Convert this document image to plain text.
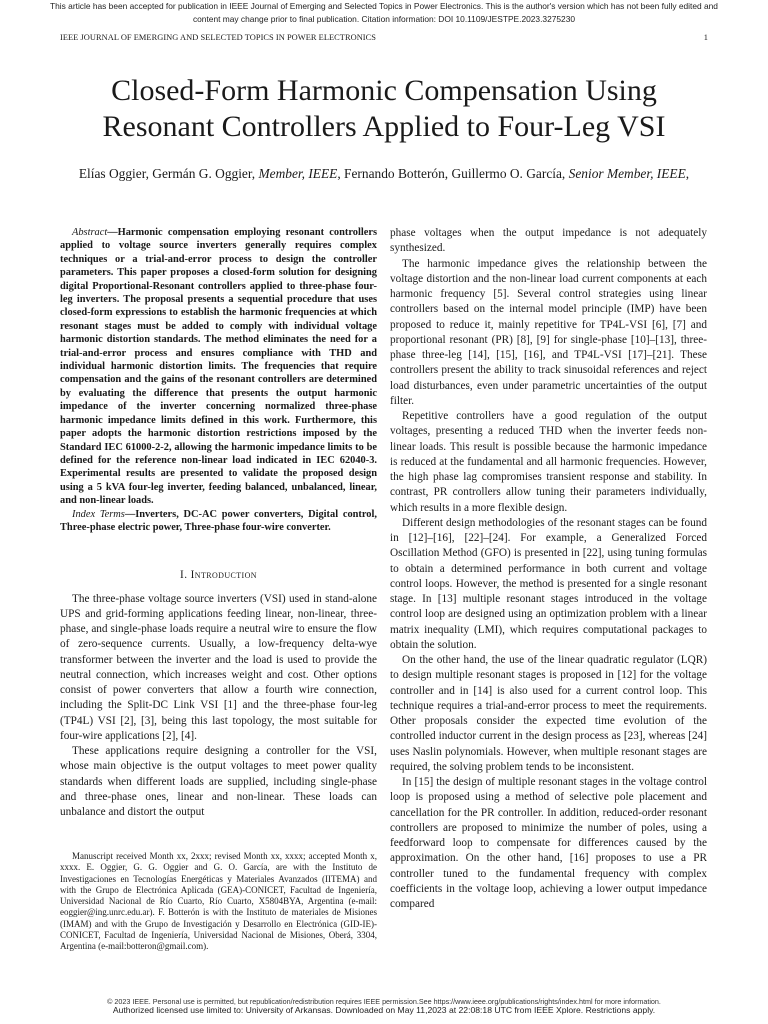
This article has been accepted for publication in IEEE Journal of Emerging and Selected Topics in Power Electronics. This is the author's version which has not been fully edited and
content may change prior to final publication. Citation information: DOI 10.1109/JESTPE.2023.3275230
IEEE JOURNAL OF EMERGING AND SELECTED TOPICS IN POWER ELECTRONICS	1
Closed-Form Harmonic Compensation Using
Resonant Controllers Applied to Four-Leg VSI
Elías Oggier, Germán G. Oggier, Member, IEEE, Fernando Botterón, Guillermo O. García, Senior Member, IEEE,

Abstract—Harmonic compensation employing resonant controllers applied to voltage source inverters generally requires complex techniques or a trial-and-error process to design the controller parameters. This paper proposes a closed-form solution for designing digital Proportional-Resonant controllers applied to three-phase four-leg inverters. The proposal presents a sequential procedure that uses closed-form expressions to establish the harmonic frequencies at which resonant stages must be added to comply with individual voltage harmonic distortion standards. The method eliminates the need for a trial-and-error process and ensures compliance with THD and individual harmonic distortion limits. The frequencies that require compensation and the gains of the resonant controllers are determined by evaluating the difference that presents the output harmonic impedance of the inverter concerning normalized three-phase harmonic impedance limits defined in this work. Furthermore, this paper adopts the harmonic distortion restrictions imposed by the Standard IEC 61000-2-2, allowing the harmonic impedance limits to be defined for the reference non-linear load indicated in IEC 62040-3. Experimental results are presented to validate the proposed design using a 5 kVA four-leg inverter, feeding balanced, unbalanced, linear, and non-linear loads.

Index Terms—Inverters, DC-AC power converters, Digital control, Three-phase electric power, Three-phase four-wire converter.

I. Introduction

The three-phase voltage source inverters (VSI) used in stand-alone UPS and grid-forming applications feeding linear, non-linear, three-phase, and single-phase loads require a neutral wire to ensure the flow of zero-sequence currents. Usually, a low-frequency delta-wye transformer between the inverter and the load is used to provide the neutral connection, which increases weight and cost. Other options consist of power converters that allow a fourth wire connection, including the Split-DC Link VSI [1] and the three-phase four-leg (TP4L) VSI [2], [3], being this last topology, the most suitable for four-wire applications [2], [4].

These applications require designing a controller for the VSI, whose main objective is the output voltages to meet power quality standards when different loads are supplied, including single-phase and three-phase ones, linear and non-linear. These loads can unbalance and distort the output

Manuscript received Month xx, 2xxx; revised Month xx, xxxx; accepted Month x, xxxx. E. Oggier, G. G. Oggier and G. O. García, are with the Instituto de Investigaciones en Tecnologías Energéticas y Materiales Avanzados (IITEMA) and with the Grupo de Electrónica Aplicada (GEA)-CONICET, Facultad de Ingeniería, Universidad Nacional de Río Cuarto, Río Cuarto, X5804BYA, Argentina (e-mail: eoggier@ing.unrc.edu.ar). F. Botterón is with the Instituto de materiales de Misiones (IMAM) and with the Grupo de Investigación y Desarrollo en Electrónica (GID-IE)-CONICET, Facultad de Ingeniería, Universidad Nacional de Misiones, Oberá, 3304, Argentina (e-mail:botteron@gmail.com).

phase voltages when the output impedance is not adequately synthesized.

The harmonic impedance gives the relationship between the voltage distortion and the non-linear load current components at each harmonic frequency [5]. Several control strategies using linear controllers based on the internal model principle (IMP) have been proposed to reduce it, mainly repetitive for TP4L-VSI [6], [7] and proportional resonant (PR) [8], [9] for single-phase [10]–[13], three-phase three-leg [14], [15], [16], and TP4L-VSI [17]–[21]. These controllers present the ability to track sinusoidal references and reject load disturbances, even under parametric uncertainties of the output filter.

Repetitive controllers have a good regulation of the output voltages, presenting a reduced THD when the inverter feeds non-linear loads. This result is possible because the harmonic impedance is reduced at the fundamental and all harmonic frequencies. However, the high phase lag compromises transient response and stability. In contrast, PR controllers allow tuning their parameters individually, which results in a more flexible design.

Different design methodologies of the resonant stages can be found in [12]–[16], [22]–[24]. For example, a Generalized Forced Oscillation Method (GFO) is presented in [22], using tuning formulas to obtain a determined performance in both current and voltage control loops. However, the method is presented for a single resonant stage. In [13] multiple resonant stages introduced in the voltage control loop are designed using an optimization problem with a linear matrix inequality (LMI), which requires computational packages to obtain the solution.

On the other hand, the use of the linear quadratic regulator (LQR) to design multiple resonant stages is proposed in [12] for the voltage controller and in [14] is also used for a current control loop. This technique requires a trial-and-error process to meet the requirements. Other proposals consider the expected time evolution of the controlled inductor current in the design process as [23], whereas [24] uses Naslin polynomials. However, when multiple resonant stages are required, the solving problem tends to be inconsistent.

In [15] the design of multiple resonant stages in the voltage control loop is proposed using a method of selective pole placement and cancellation for the PR controller. In addition, reduced-order resonant controllers are proposed to minimize the number of poles, using a feedforward loop to compensate for differences caused by the approximation. On the other hand, [16] proposes to use a PR controller tuned to the fundamental frequency with complex coefficients in the voltage loop, achieving a lower output impedance compared

© 2023 IEEE. Personal use is permitted, but republication/redistribution requires IEEE permission.See https://www.ieee.org/publications/rights/index.html for more information.
Authorized licensed use limited to: University of Arkansas. Downloaded on May 11,2023 at 22:08:18 UTC from IEEE Xplore. Restrictions apply.
